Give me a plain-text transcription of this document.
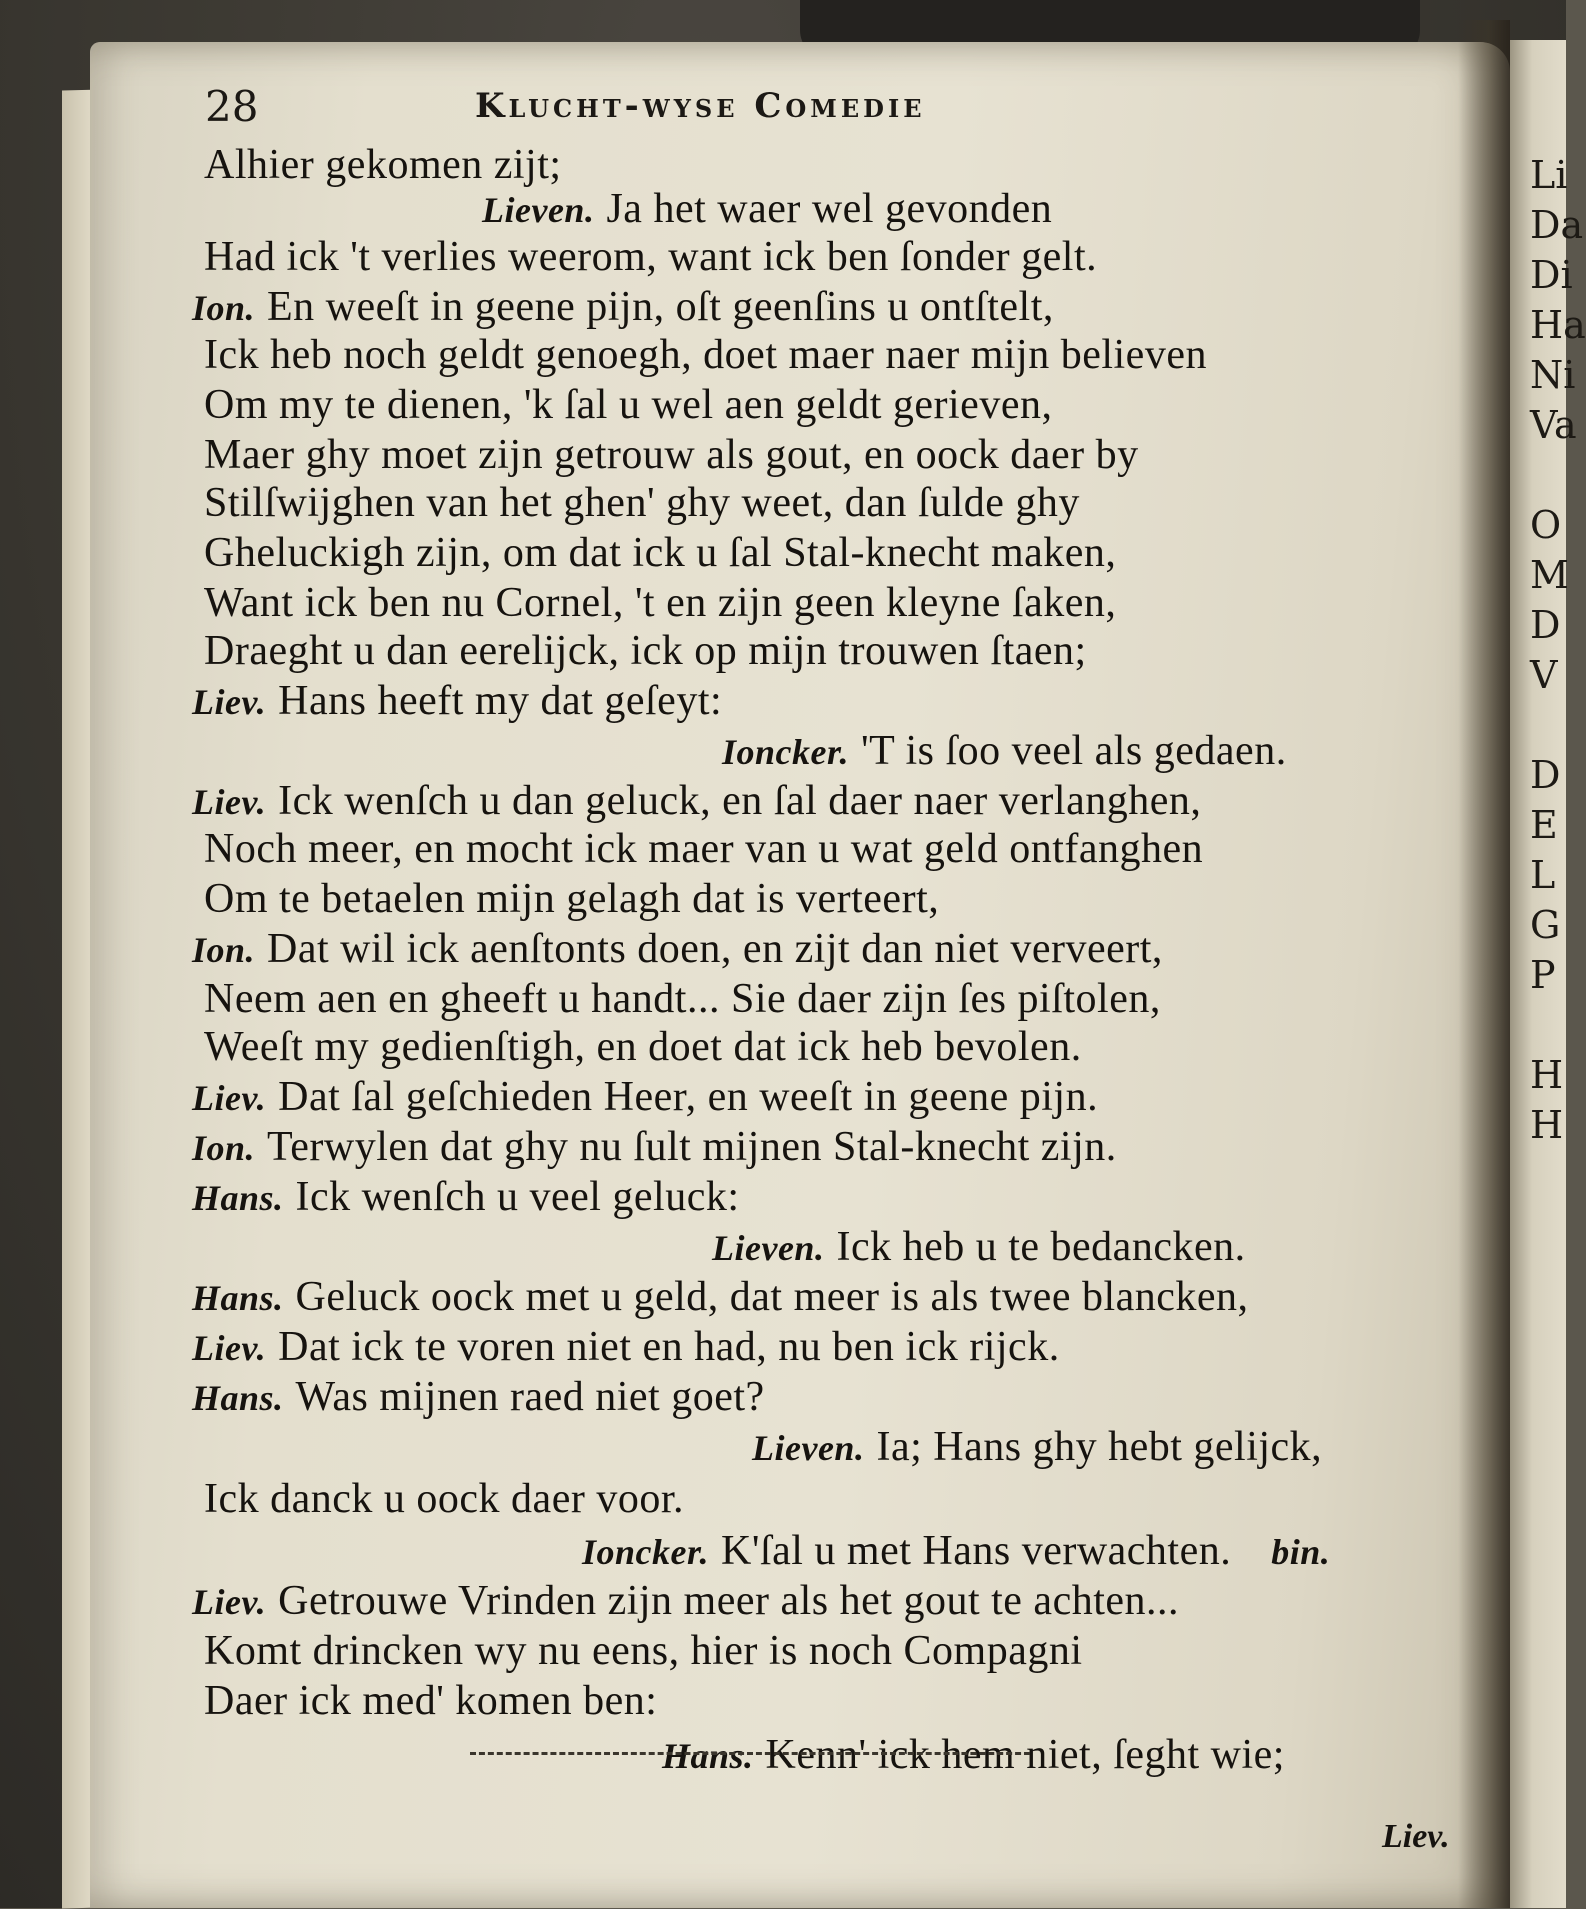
Li
Da
Di
Ha
Ni
Va
O
M
D
V
D
E
L
G
P
H
H
28	Klucht-wyse Comedie
Alhier gekomen zijt;
Lieven. Ja het waer wel gevonden
Had ick 't verlies weerom, want ick ben ſonder gelt.
Ion. En weeſt in geene pijn, oſt geenſins u ontſtelt,
Ick heb noch geldt genoegh, doet maer naer mijn believen
Om my te dienen, 'k ſal u wel aen geldt gerieven,
Maer ghy moet zijn getrouw als gout, en oock daer by
Stilſwijghen van het ghen' ghy weet, dan ſulde ghy
Gheluckigh zijn, om dat ick u ſal Stal-knecht maken,
Want ick ben nu Cornel, 't en zijn geen kleyne ſaken,
Draeght u dan eerelijck, ick op mijn trouwen ſtaen;
Liev. Hans heeft my dat geſeyt:
Ioncker. 'T is ſoo veel als gedaen.
Liev. Ick wenſch u dan geluck, en ſal daer naer verlanghen,
Noch meer, en mocht ick maer van u wat geld ontfanghen
Om te betaelen mijn gelagh dat is verteert,
Ion. Dat wil ick aenſtonts doen, en zijt dan niet verveert,
Neem aen en gheeft u handt... Sie daer zijn ſes piſtolen,
Weeſt my gedienſtigh, en doet dat ick heb bevolen.
Liev. Dat ſal geſchieden Heer, en weeſt in geene pijn.
Ion. Terwylen dat ghy nu ſult mijnen Stal-knecht zijn.
Hans. Ick wenſch u veel geluck:
Lieven. Ick heb u te bedancken.
Hans. Geluck oock met u geld, dat meer is als twee blancken,
Liev. Dat ick te voren niet en had, nu ben ick rijck.
Hans. Was mijnen raed niet goet?
Lieven. Ia; Hans ghy hebt gelijck,
Ick danck u oock daer voor.
Ioncker. K'ſal u met Hans verwachten. bin.
Liev. Getrouwe Vrinden zijn meer als het gout te achten...
Komt drincken wy nu eens, hier is noch Compagni
Daer ick med' komen ben:
Hans. Kenn' ick hem niet, ſeght wie;
Liev.
